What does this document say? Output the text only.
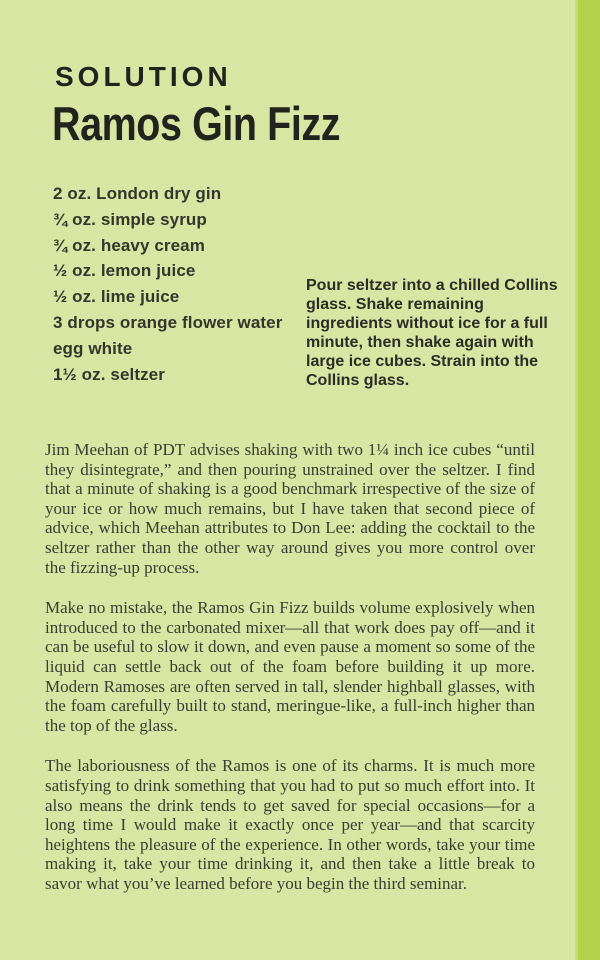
SOLUTION
Ramos Gin Fizz
2 oz. London dry gin
¾ oz. simple syrup
¾ oz. heavy cream
½ oz. lemon juice
½ oz. lime juice
3 drops orange flower water
egg white
1½ oz. seltzer
Pour seltzer into a chilled Collins glass. Shake remaining ingredients without ice for a full minute, then shake again with large ice cubes. Strain into the Collins glass.

Jim Meehan of PDT advises shaking with two 1¼ inch ice cubes “until they disintegrate,” and then pouring unstrained over the seltzer. I find that a minute of shaking is a good benchmark irrespective of the size of your ice or how much remains, but I have taken that second piece of advice, which Meehan attributes to Don Lee: adding the cocktail to the seltzer rather than the other way around gives you more control over the fizzing-up process.

Make no mistake, the Ramos Gin Fizz builds volume explosively when introduced to the carbonated mixer—all that work does pay off—and it can be useful to slow it down, and even pause a moment so some of the liquid can settle back out of the foam before building it up more. Modern Ramoses are often served in tall, slender highball glasses, with the foam carefully built to stand, meringue-like, a full-inch higher than the top of the glass.

The laboriousness of the Ramos is one of its charms. It is much more satisfying to drink something that you had to put so much effort into. It also means the drink tends to get saved for special occasions—for a long time I would make it exactly once per year—and that scarcity heightens the pleasure of the experience. In other words, take your time making it, take your time drinking it, and then take a little break to savor what you’ve learned before you begin the third seminar.
